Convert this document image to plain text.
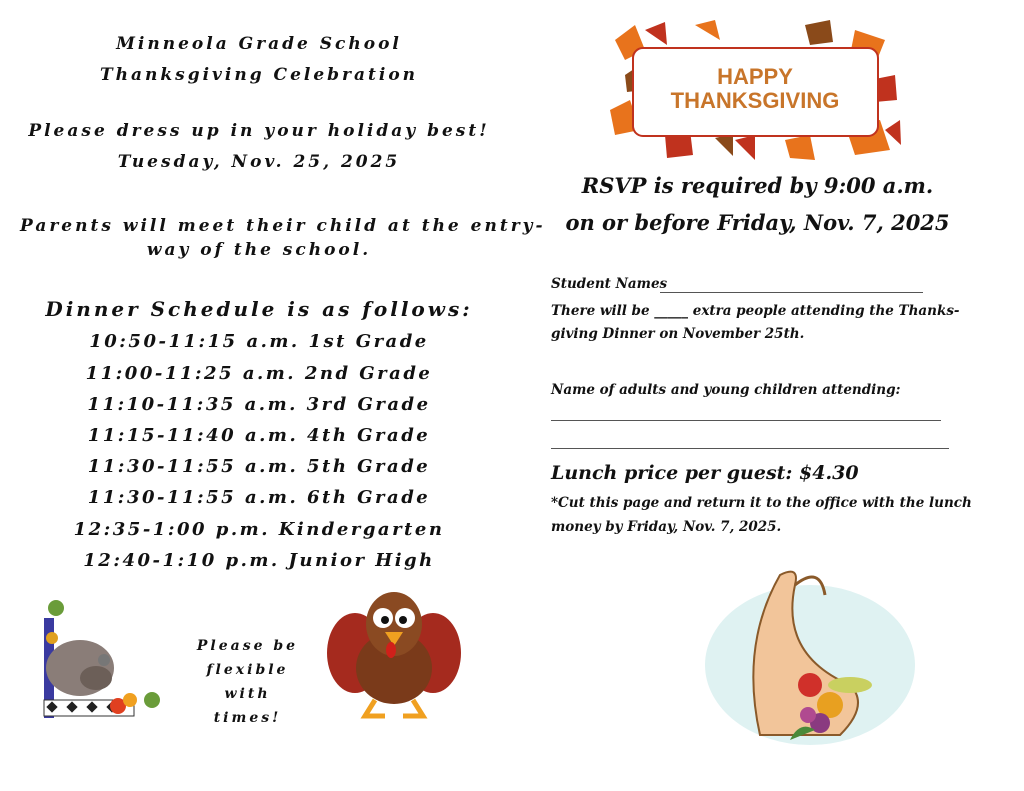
Minneola Grade School
Thanksgiving Celebration
Please dress up in your holiday best!
Tuesday, Nov. 25, 2025
Parents will meet their child at the entry-
way of the school.
Dinner Schedule is as follows:
10:50-11:15 a.m. 1st Grade
11:00-11:25 a.m. 2nd Grade
11:10-11:35 a.m. 3rd Grade
11:15-11:40 a.m. 4th Grade
11:30-11:55 a.m. 5th Grade
11:30-11:55 a.m. 6th Grade
12:35-1:00 p.m. Kindergarten
12:40-1:10 p.m. Junior High
Please be
flexible with
times!
HAPPY
THANKSGIVING
RSVP is required by 9:00 a.m.
on or before Friday, Nov. 7, 2025
Student Names
There will be _____ extra people attending the Thanks-
giving Dinner on November 25th.
Name of adults and young children attending:
Lunch price per guest: $4.30
*Cut this page and return it to the office with the lunch
money by Friday, Nov. 7, 2025.
